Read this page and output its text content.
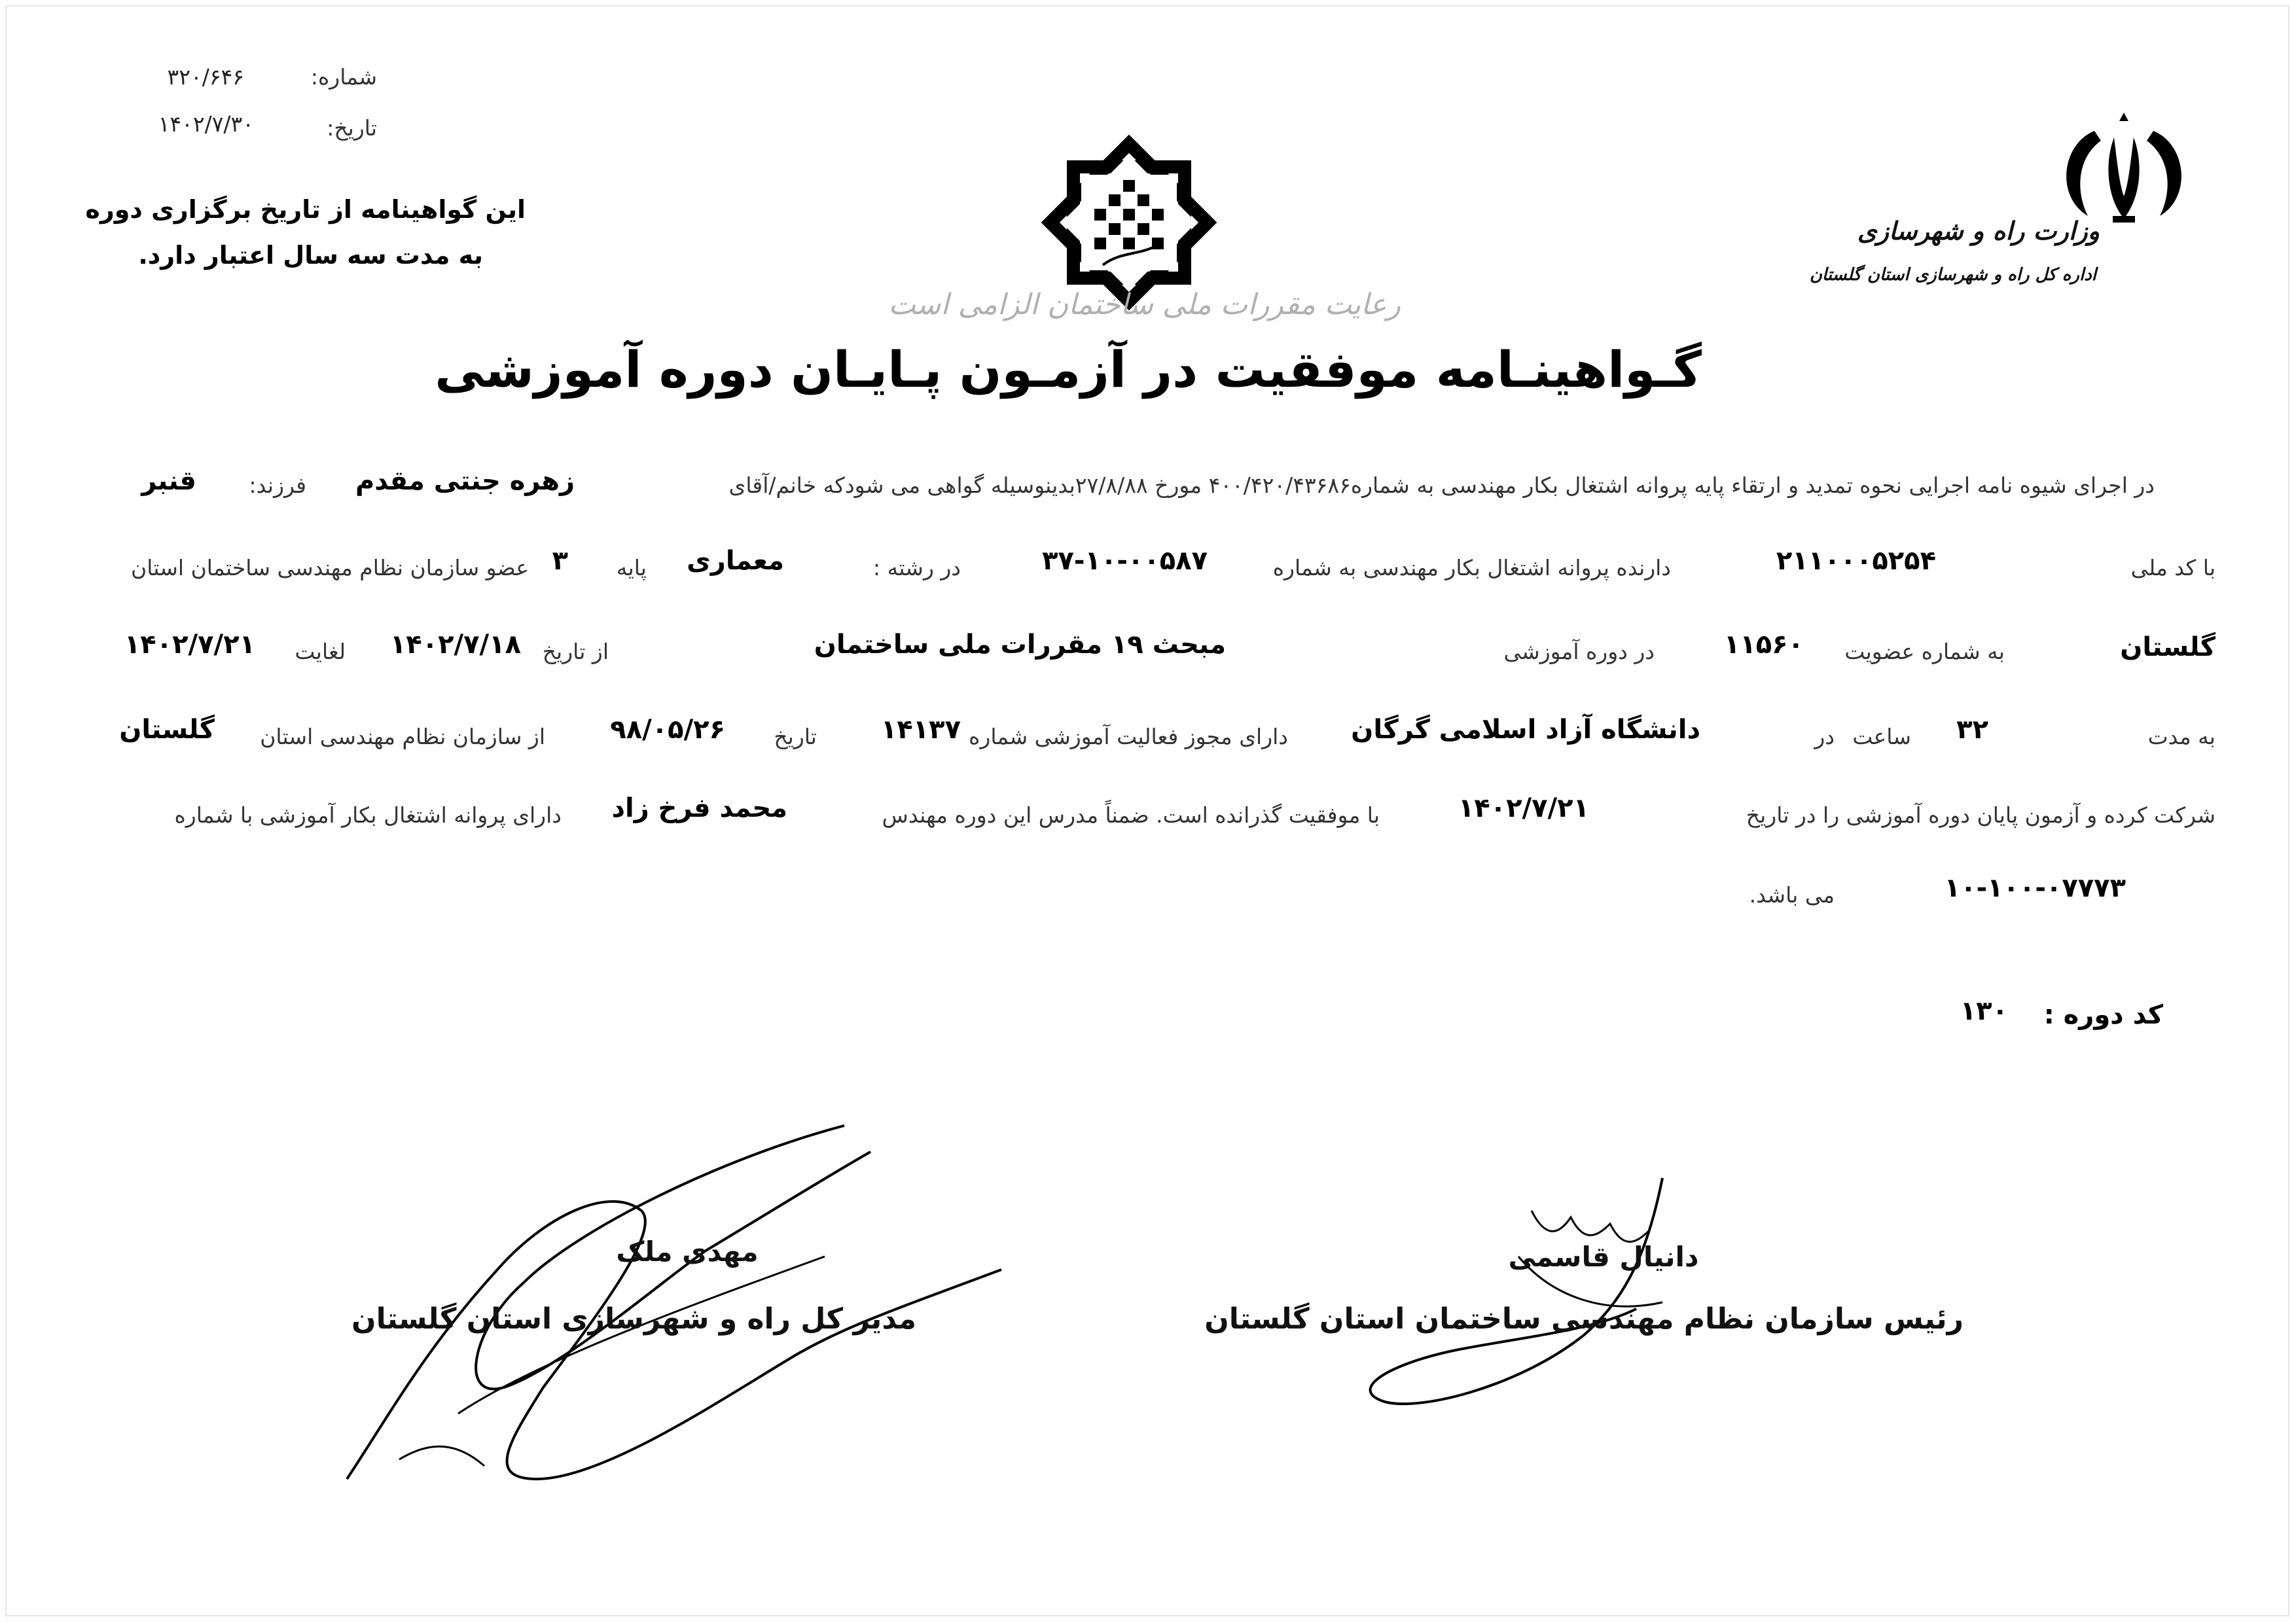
شماره:
۳۲۰/۶۴۶
تاریخ:
۱۴۰۲/۷/۳۰
این گواهینامه از تاریخ برگزاری دوره
به مدت سه سال اعتبار دارد.
وزارت راه و شهرسازی
اداره کل راه و شهرسازی استان گلستان
رعایت مقررات ملی ساختمان الزامی است
گـواهینـامه موفقیت در آزمـون پـایـان دوره آموزشی
در اجرای شیوه نامه اجرایی نحوه تمدید و ارتقاء پایه پروانه اشتغال بکار مهندسی به شماره۴۰۰/۴۲۰/۴۳۶۸۶ مورخ ۲۷/۸/۸۸بدینوسیله گواهی می شودکه خانم/آقای
زهره جنتی مقدم
فرزند:
قنبر
با کد ملی
۲۱۱۰۰۰۵۲۵۴
دارنده پروانه اشتغال بکار مهندسی به شماره
۳۷-۱۰-۰۰۵۸۷
در رشته :
معماری
پایه
۳
عضو سازمان نظام مهندسی ساختمان استان
گلستان
به شماره عضویت
۱۱۵۶۰
در دوره آموزشی
مبحث ۱۹ مقررات ملی ساختمان
از تاریخ
۱۴۰۲/۷/۱۸
لغایت
۱۴۰۲/۷/۲۱
به مدت
۳۲
ساعت
در
دانشگاه آزاد اسلامی گرگان
دارای مجوز فعالیت آموزشی شماره
۱۴۱۳۷
تاریخ
۹۸/۰۵/۲۶
از سازمان نظام مهندسی استان
گلستان
شرکت کرده و آزمون پایان دوره آموزشی را در تاریخ
۱۴۰۲/۷/۲۱
با موفقیت گذرانده است. ضمناً مدرس این دوره مهندس
محمد فرخ زاد
دارای پروانه اشتغال بکار آموزشی با شماره
۱۰-۱۰۰-۰۷۷۷۳
می باشد.
کد دوره :
۱۳۰
مهدی ملک
مدیر کل راه و شهرسازی استان گلستان
دانیال قاسمی
رئیس سازمان نظام مهندسی ساختمان استان گلستان
